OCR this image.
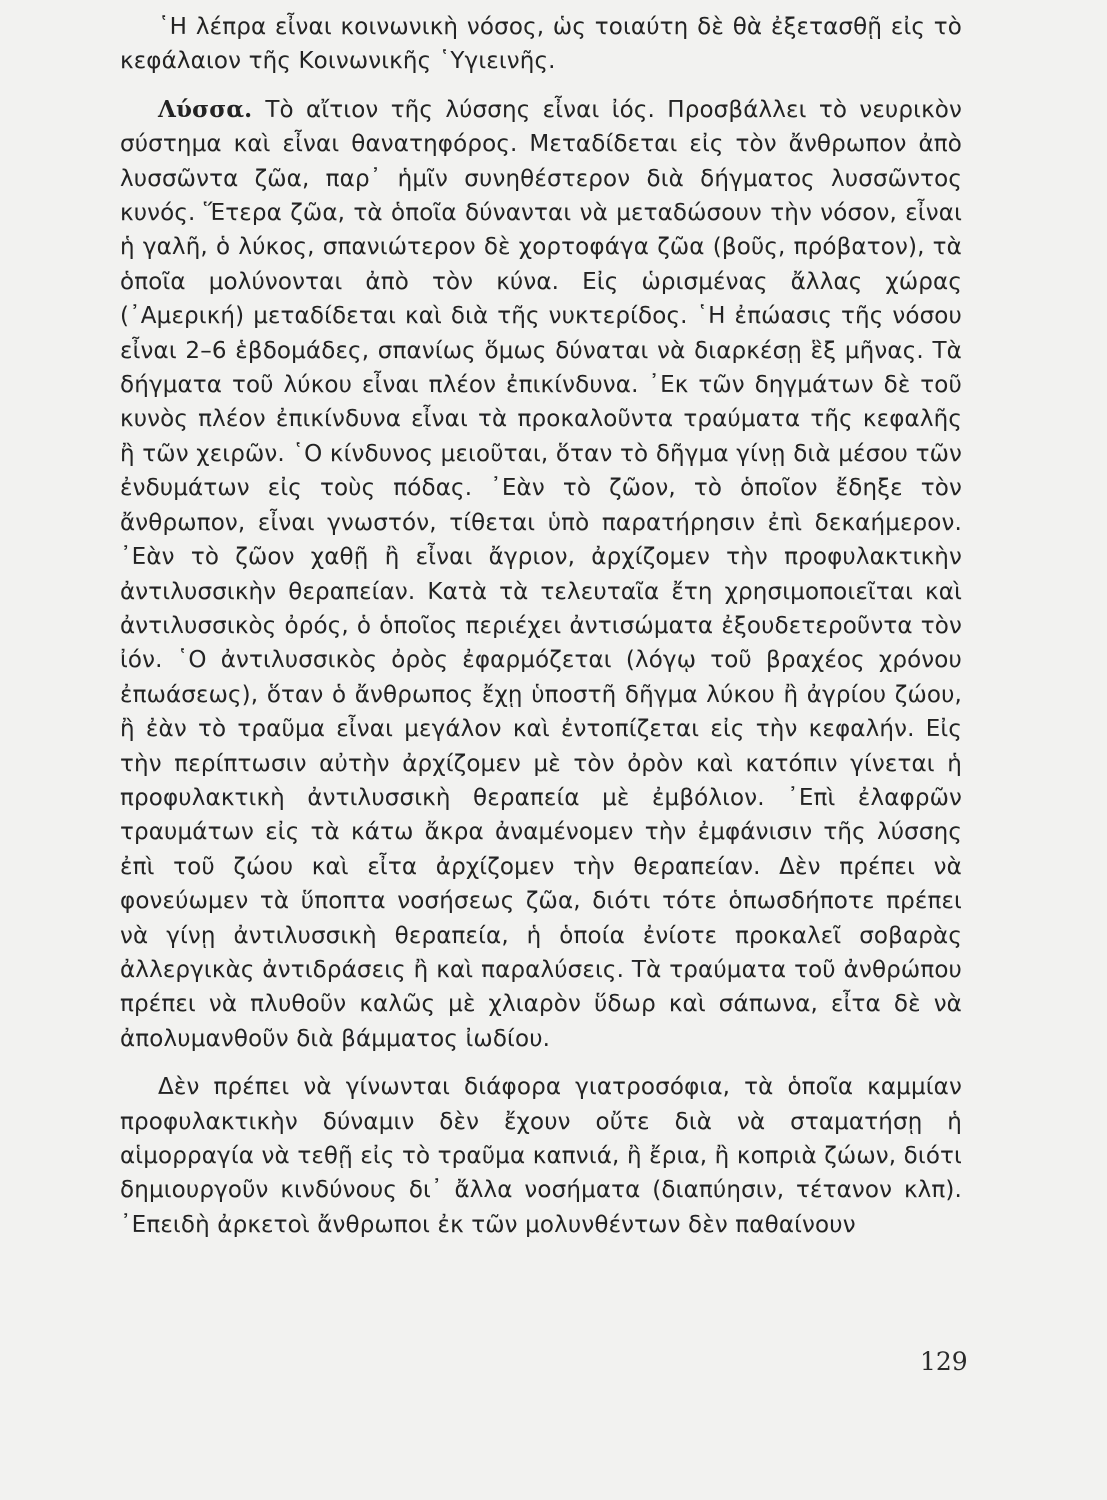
῾Η λέπρα εἶναι κοινωνικὴ νόσος, ὡς τοιαύτη δὲ θὰ ἐξετασθῇ εἰς τὸ κεφάλαιον τῆς Κοινωνικῆς ῾Υγιεινῆς.

Λύσσα. Τὸ αἴτιον τῆς λύσσης εἶναι ἰός. Προσβάλλει τὸ νευρικὸν σύστημα καὶ εἶναι θανατηφόρος. Μεταδίδεται εἰς τὸν ἄνθρωπον ἀπὸ λυσσῶντα ζῶα, παρ᾽ ἡμῖν συνηθέστερον διὰ δήγματος λυσσῶντος κυνός. Ἕτερα ζῶα, τὰ ὁποῖα δύνανται νὰ μεταδώσουν τὴν νόσον, εἶναι ἡ γαλῆ, ὁ λύκος, σπανιώτερον δὲ χορτοφάγα ζῶα (βοῦς, πρόβατον), τὰ ὁποῖα μολύνονται ἀπὸ τὸν κύνα. Εἰς ὡρισμένας ἄλλας χώρας (᾽Αμερική) μεταδίδεται καὶ διὰ τῆς νυκτερίδος. ῾Η ἐπώασις τῆς νόσου εἶναι 2–6 ἑβδομάδες, σπανίως ὅμως δύναται νὰ διαρκέσῃ ἓξ μῆνας. Τὰ δήγματα τοῦ λύκου εἶναι πλέον ἐπικίνδυνα. ᾽Εκ τῶν δηγμάτων δὲ τοῦ κυνὸς πλέον ἐπικίνδυνα εἶναι τὰ προκαλοῦντα τραύματα τῆς κεφαλῆς ἢ τῶν χειρῶν. ῾Ο κίνδυνος μειοῦται, ὅταν τὸ δῆγμα γίνῃ διὰ μέσου τῶν ἐνδυμάτων εἰς τοὺς πόδας. ᾽Εὰν τὸ ζῶον, τὸ ὁποῖον ἔδηξε τὸν ἄνθρωπον, εἶναι γνωστόν, τίθεται ὑπὸ παρατήρησιν ἐπὶ δεκαήμερον. ᾽Εὰν τὸ ζῶον χαθῇ ἢ εἶναι ἄγριον, ἀρχίζομεν τὴν προφυλακτικὴν ἀντιλυσσικὴν θεραπείαν. Κατὰ τὰ τελευταῖα ἔτη χρησιμοποιεῖται καὶ ἀντιλυσσικὸς ὀρός, ὁ ὁποῖος περιέχει ἀντισώματα ἐξουδετεροῦντα τὸν ἰόν. ῾Ο ἀντιλυσσικὸς ὀρὸς ἐφαρμόζεται (λόγῳ τοῦ βραχέος χρόνου ἐπωάσεως), ὅταν ὁ ἄνθρωπος ἔχῃ ὑποστῆ δῆγμα λύκου ἢ ἀγρίου ζώου, ἢ ἐὰν τὸ τραῦμα εἶναι μεγάλον καὶ ἐντοπίζεται εἰς τὴν κεφαλήν. Εἰς τὴν περίπτωσιν αὐτὴν ἀρχίζομεν μὲ τὸν ὀρὸν καὶ κατόπιν γίνεται ἡ προφυλακτικὴ ἀντιλυσσικὴ θεραπεία μὲ ἐμβόλιον. ᾽Επὶ ἐλαφρῶν τραυμάτων εἰς τὰ κάτω ἄκρα ἀναμένομεν τὴν ἐμφάνισιν τῆς λύσσης ἐπὶ τοῦ ζώου καὶ εἶτα ἀρχίζομεν τὴν θεραπείαν. Δὲν πρέπει νὰ φονεύωμεν τὰ ὕποπτα νοσήσεως ζῶα, διότι τότε ὁπωσδήποτε πρέπει νὰ γίνῃ ἀντιλυσσικὴ θεραπεία, ἡ ὁποία ἐνίοτε προκαλεῖ σοβαρὰς ἀλλεργικὰς ἀντιδράσεις ἢ καὶ παραλύσεις. Τὰ τραύματα τοῦ ἀνθρώπου πρέπει νὰ πλυθοῦν καλῶς μὲ χλιαρὸν ὕδωρ καὶ σάπωνα, εἶτα δὲ νὰ ἀπολυμανθοῦν διὰ βάμματος ἰωδίου.

Δὲν πρέπει νὰ γίνωνται διάφορα γιατροσόφια, τὰ ὁποῖα καμμίαν προφυλακτικὴν δύναμιν δὲν ἔχουν οὔτε διὰ νὰ σταματήσῃ ἡ αἱμορραγία νὰ τεθῇ εἰς τὸ τραῦμα καπνιά, ἢ ἔρια, ἢ κοπριὰ ζώων, διότι δημιουργοῦν κινδύνους δι᾽ ἄλλα νοσήματα (διαπύησιν, τέτανον κλπ). ᾽Επειδὴ ἀρκετοὶ ἄνθρωποι ἐκ τῶν μολυνθέντων δὲν παθαίνουν

129
